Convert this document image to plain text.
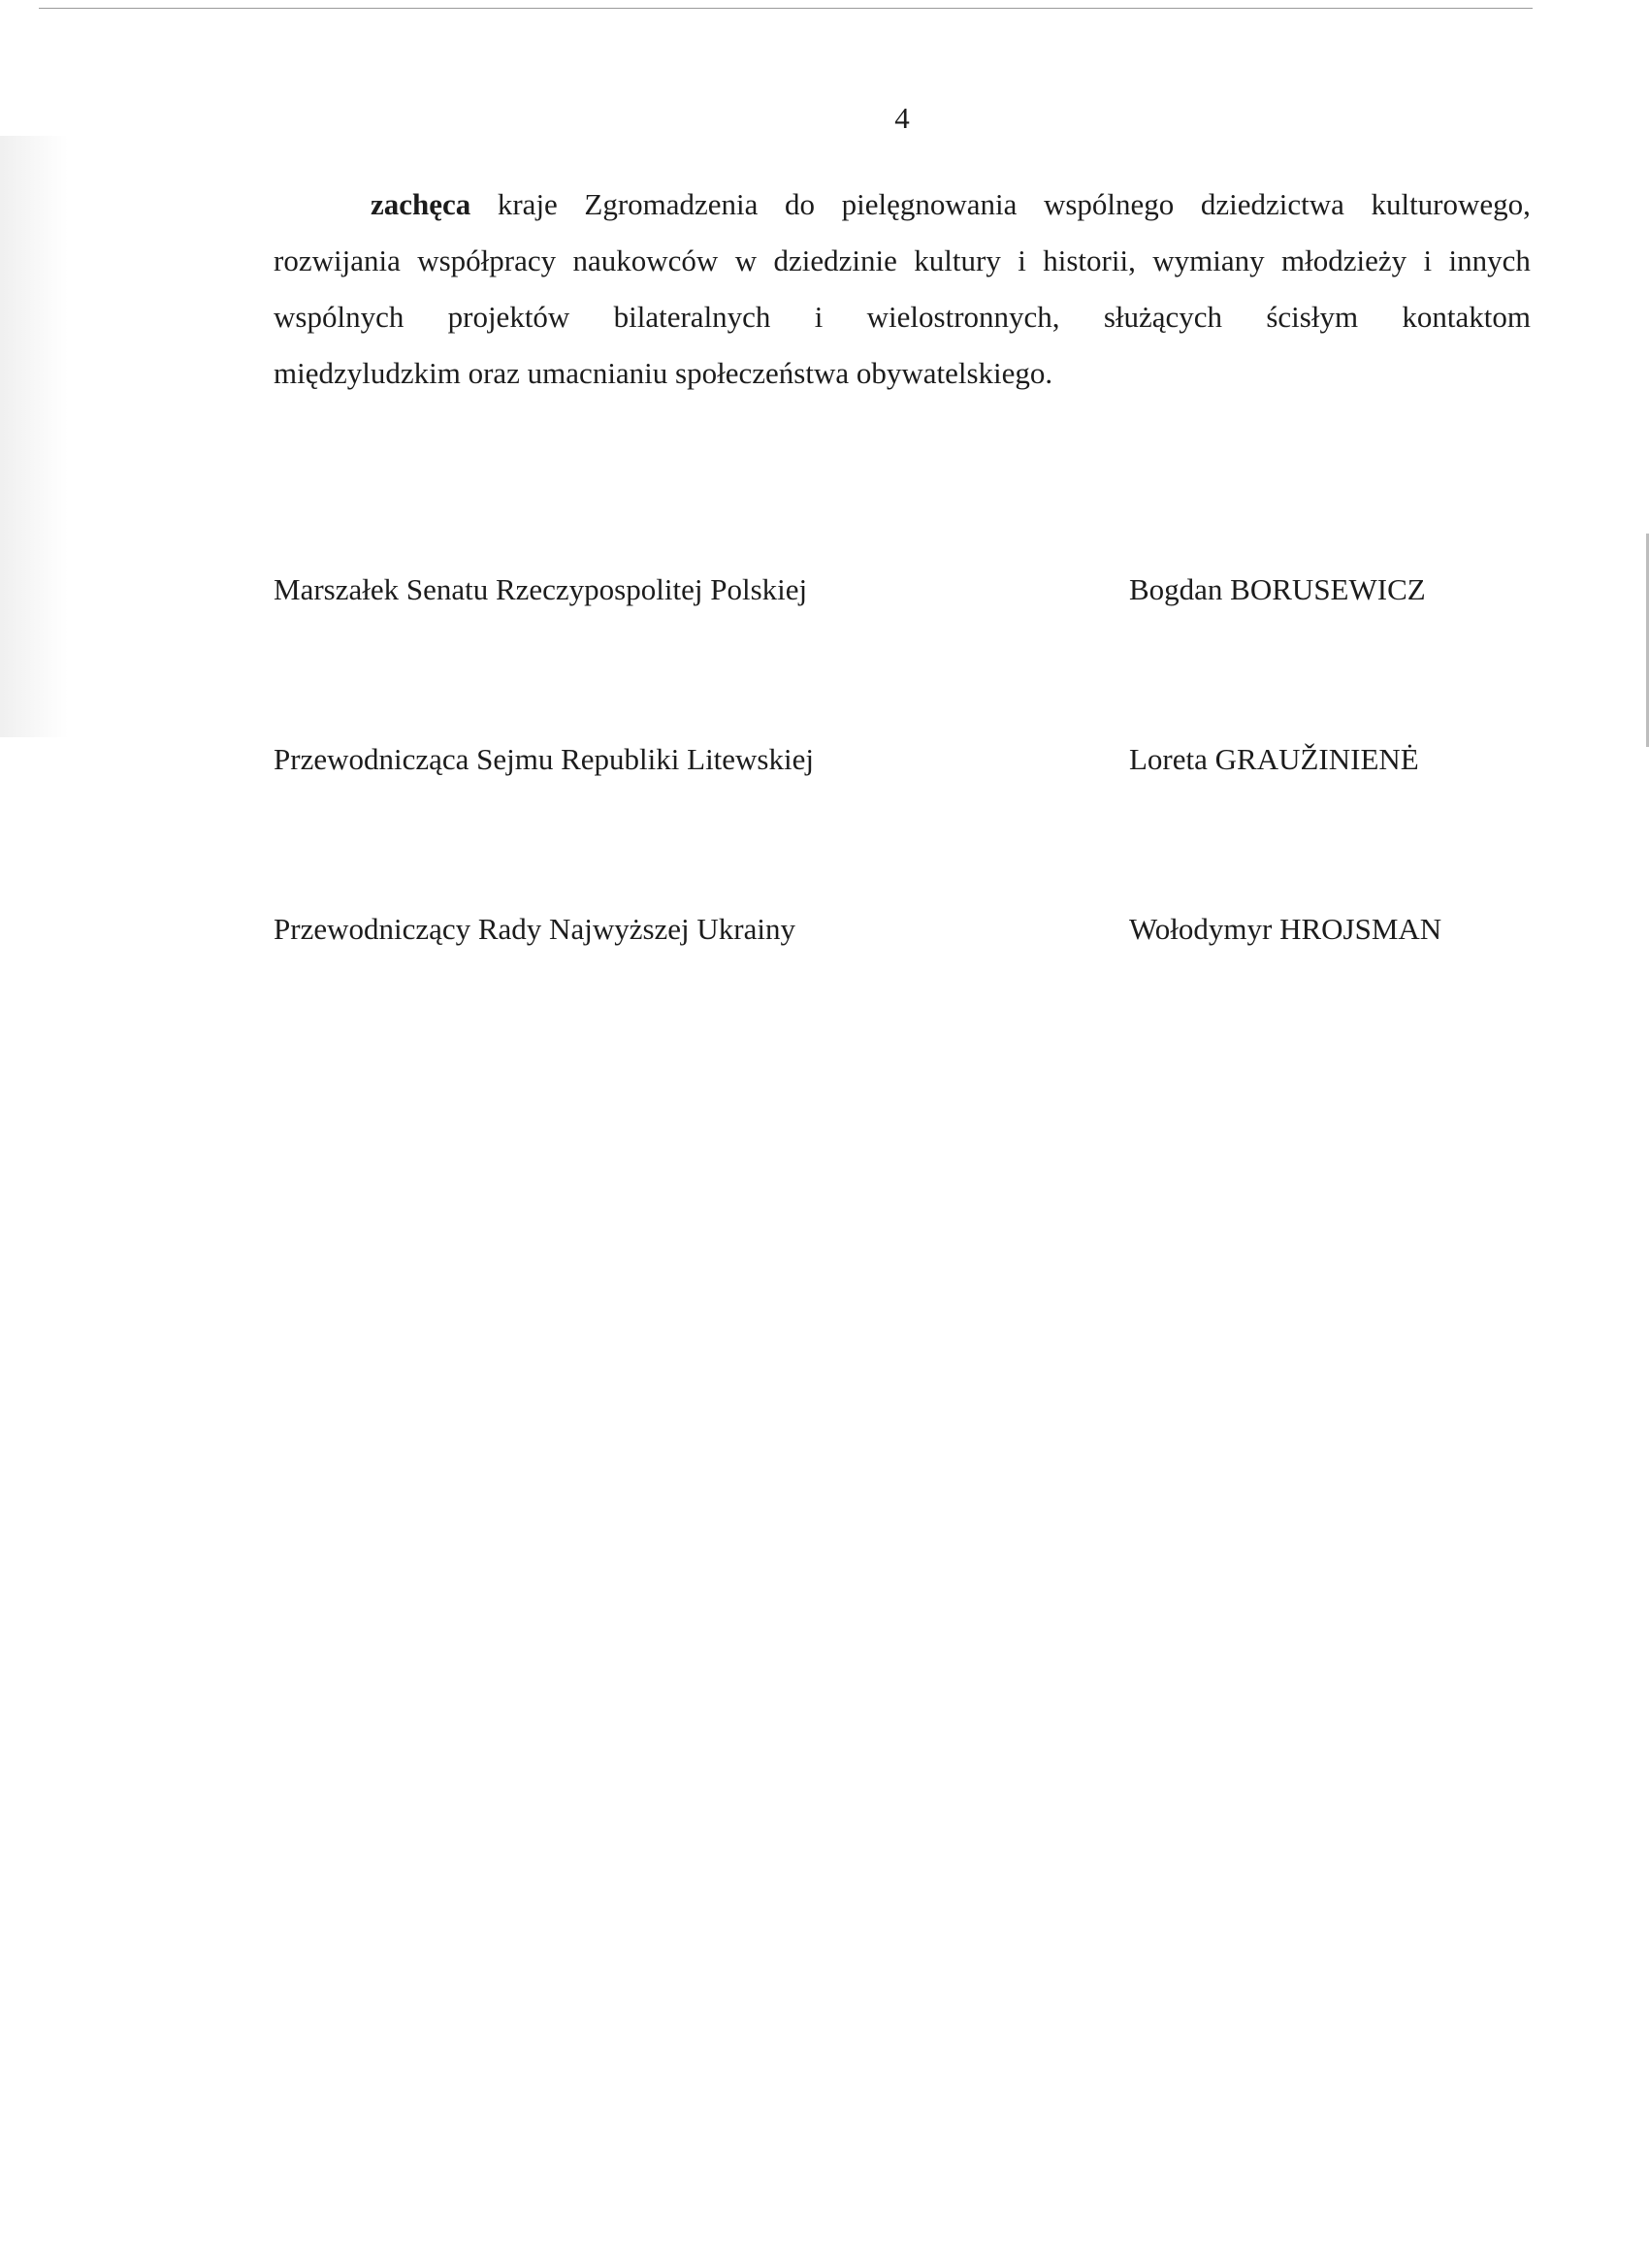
4
zachęca kraje Zgromadzenia do pielęgnowania wspólnego dziedzictwa kulturowego,
rozwijania współpracy naukowców w dziedzinie kultury i historii, wymiany młodzieży i innych
wspólnych projektów bilateralnych i wielostronnych, służących ścisłym kontaktom
międzyludzkim oraz umacnianiu społeczeństwa obywatelskiego.
Marszałek Senatu Rzeczypospolitej Polskiej	Bogdan BORUSEWICZ
Przewodnicząca Sejmu Republiki Litewskiej	Loreta GRAUŽINIENĖ
Przewodniczący Rady Najwyższej Ukrainy	Wołodymyr HROJSMAN
